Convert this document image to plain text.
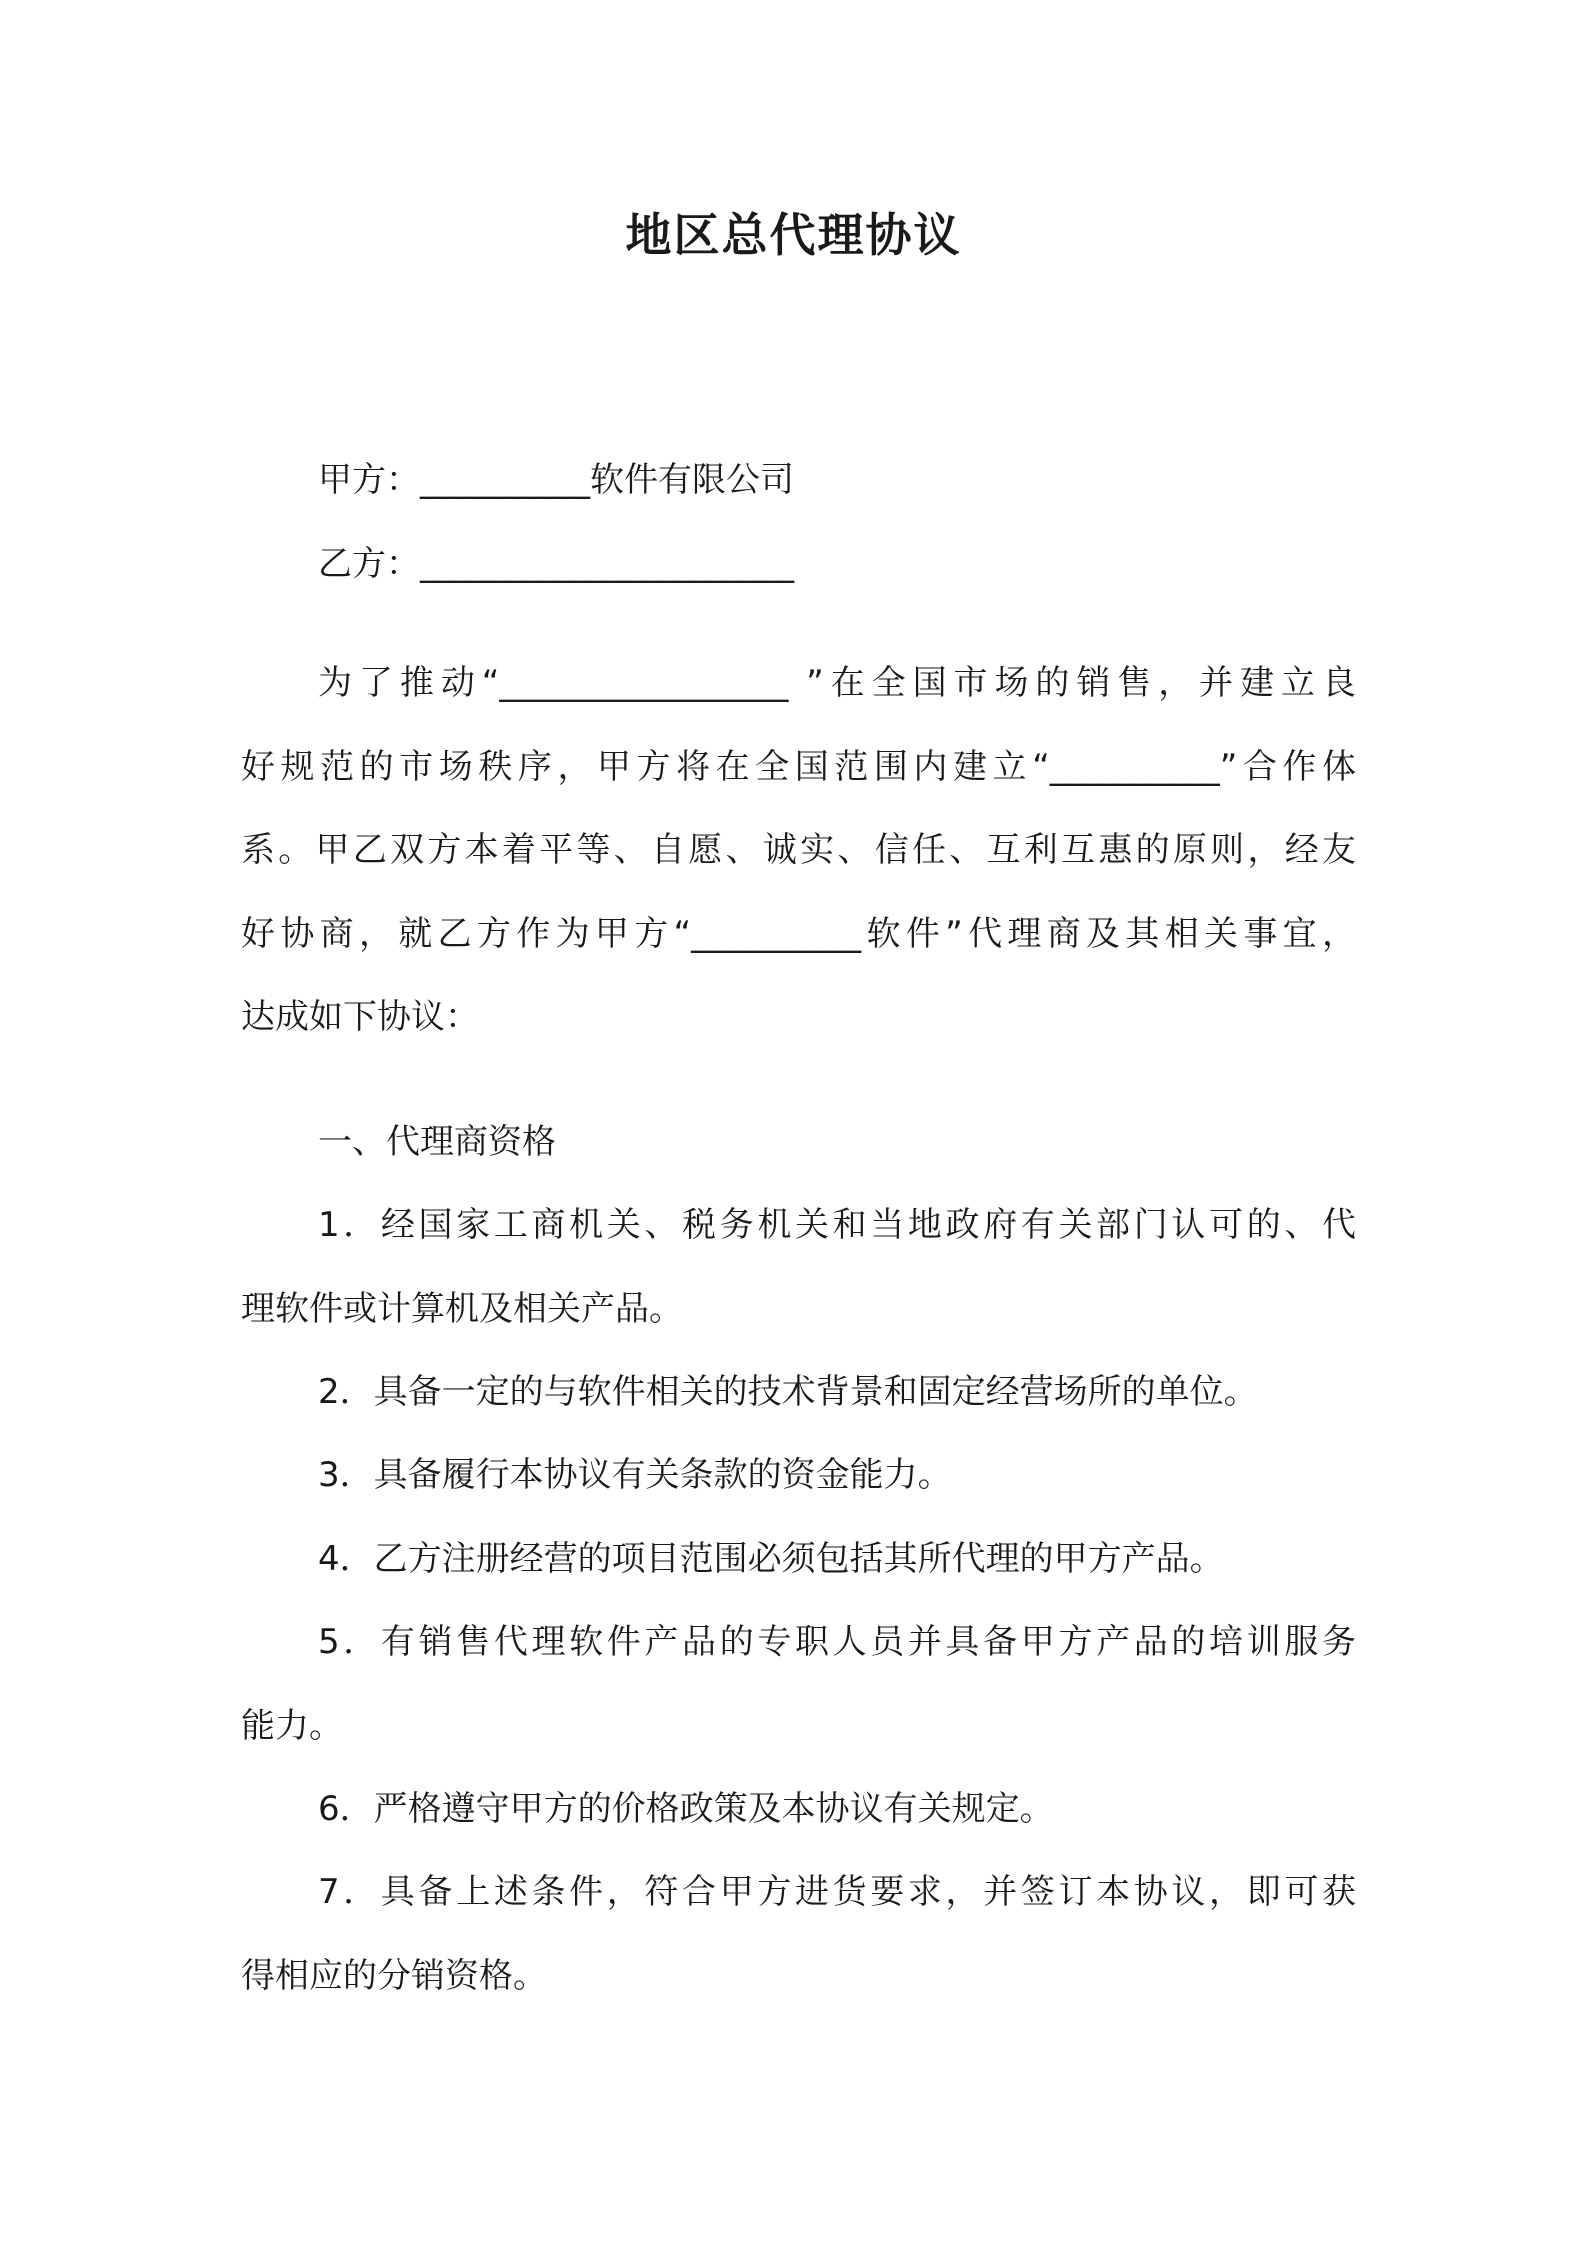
地区总代理协议

甲方：__________软件有限公司

乙方：______________________

为了推动“_________________ ”在全国市场的销售，并建立良

好规范的市场秩序，甲方将在全国范围内建立“__________”合作体

系。甲乙双方本着平等、自愿、诚实、信任、互利互惠的原则，经友

好协商，就乙方作为甲方“__________软件”代理商及其相关事宜，

达成如下协议：

一、代理商资格

1．经国家工商机关、税务机关和当地政府有关部门认可的、代

理软件或计算机及相关产品。

2．具备一定的与软件相关的技术背景和固定经营场所的单位。

3．具备履行本协议有关条款的资金能力。

4．乙方注册经营的项目范围必须包括其所代理的甲方产品。

5．有销售代理软件产品的专职人员并具备甲方产品的培训服务

能力。

6．严格遵守甲方的价格政策及本协议有关规定。

7．具备上述条件，符合甲方进货要求，并签订本协议，即可获

得相应的分销资格。
